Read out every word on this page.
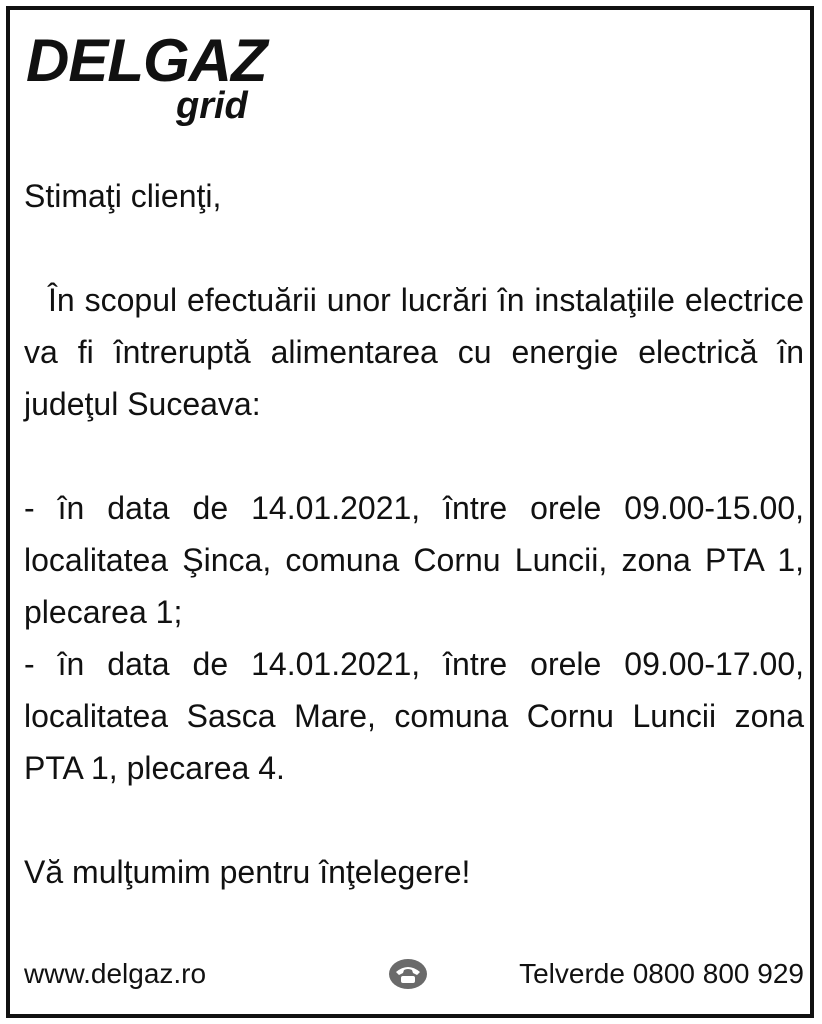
DELGAZ
grid
Stimaţi clienţi,
În scopul efectuării unor lucrări în instalaţiile electrice va fi întreruptă alimentarea cu energie electrică în judeţul Suceava:
- în data de 14.01.2021, între orele 09.00-15.00, localitatea Şinca, comuna Cornu Luncii, zona PTA 1, plecarea 1;
- în data de 14.01.2021, între orele 09.00-17.00, localitatea Sasca Mare, comuna Cornu Luncii zona PTA 1, plecarea 4.
Vă mulţumim pentru înţelegere!
www.delgaz.ro	Telverde 0800 800 929
